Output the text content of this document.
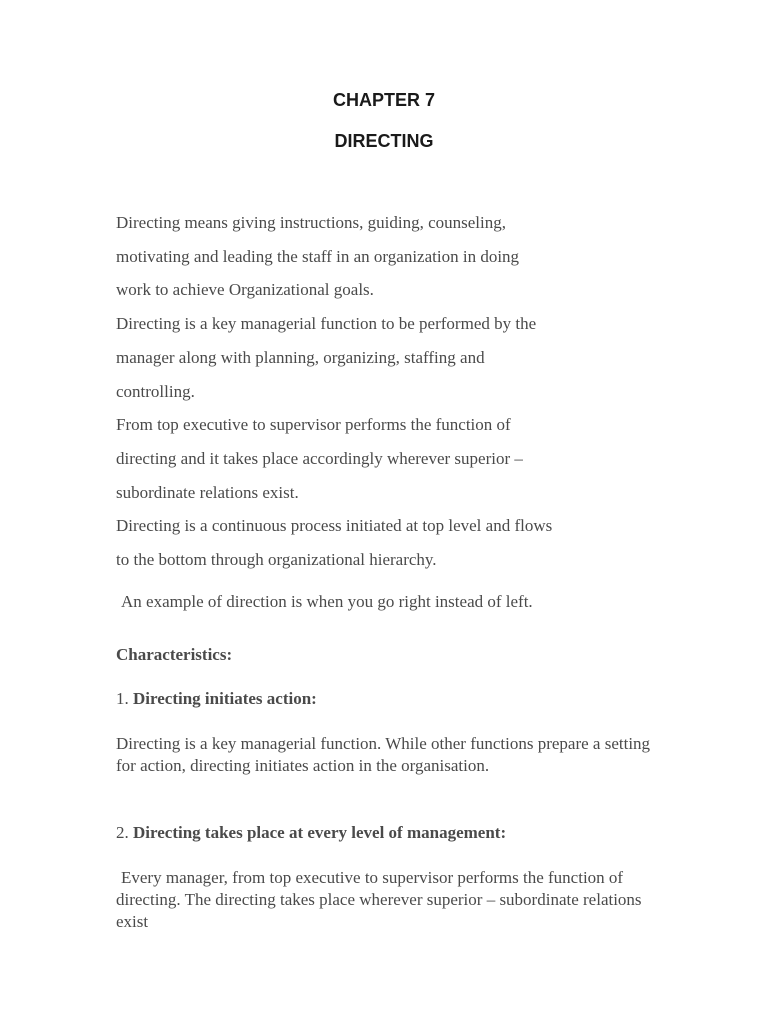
CHAPTER 7
DIRECTING

Directing means giving instructions, guiding, counseling,

motivating and leading the staff in an organization in doing

work to achieve Organizational goals.

Directing is a key managerial function to be performed by the

manager along with planning, organizing, staffing and

controlling.

From top executive to supervisor performs the function of

directing and it takes place accordingly wherever superior –

subordinate relations exist.

Directing is a continuous process initiated at top level and flows

to the bottom through organizational hierarchy.

An example of direction is when you go right instead of left.

Characteristics:

1. Directing initiates action:

Directing is a key managerial function. While other functions prepare a setting for action, directing initiates action in the organisation.

2. Directing takes place at every level of management:

Every manager, from top executive to supervisor performs the function of directing. The directing takes place wherever superior – subordinate relations exist
